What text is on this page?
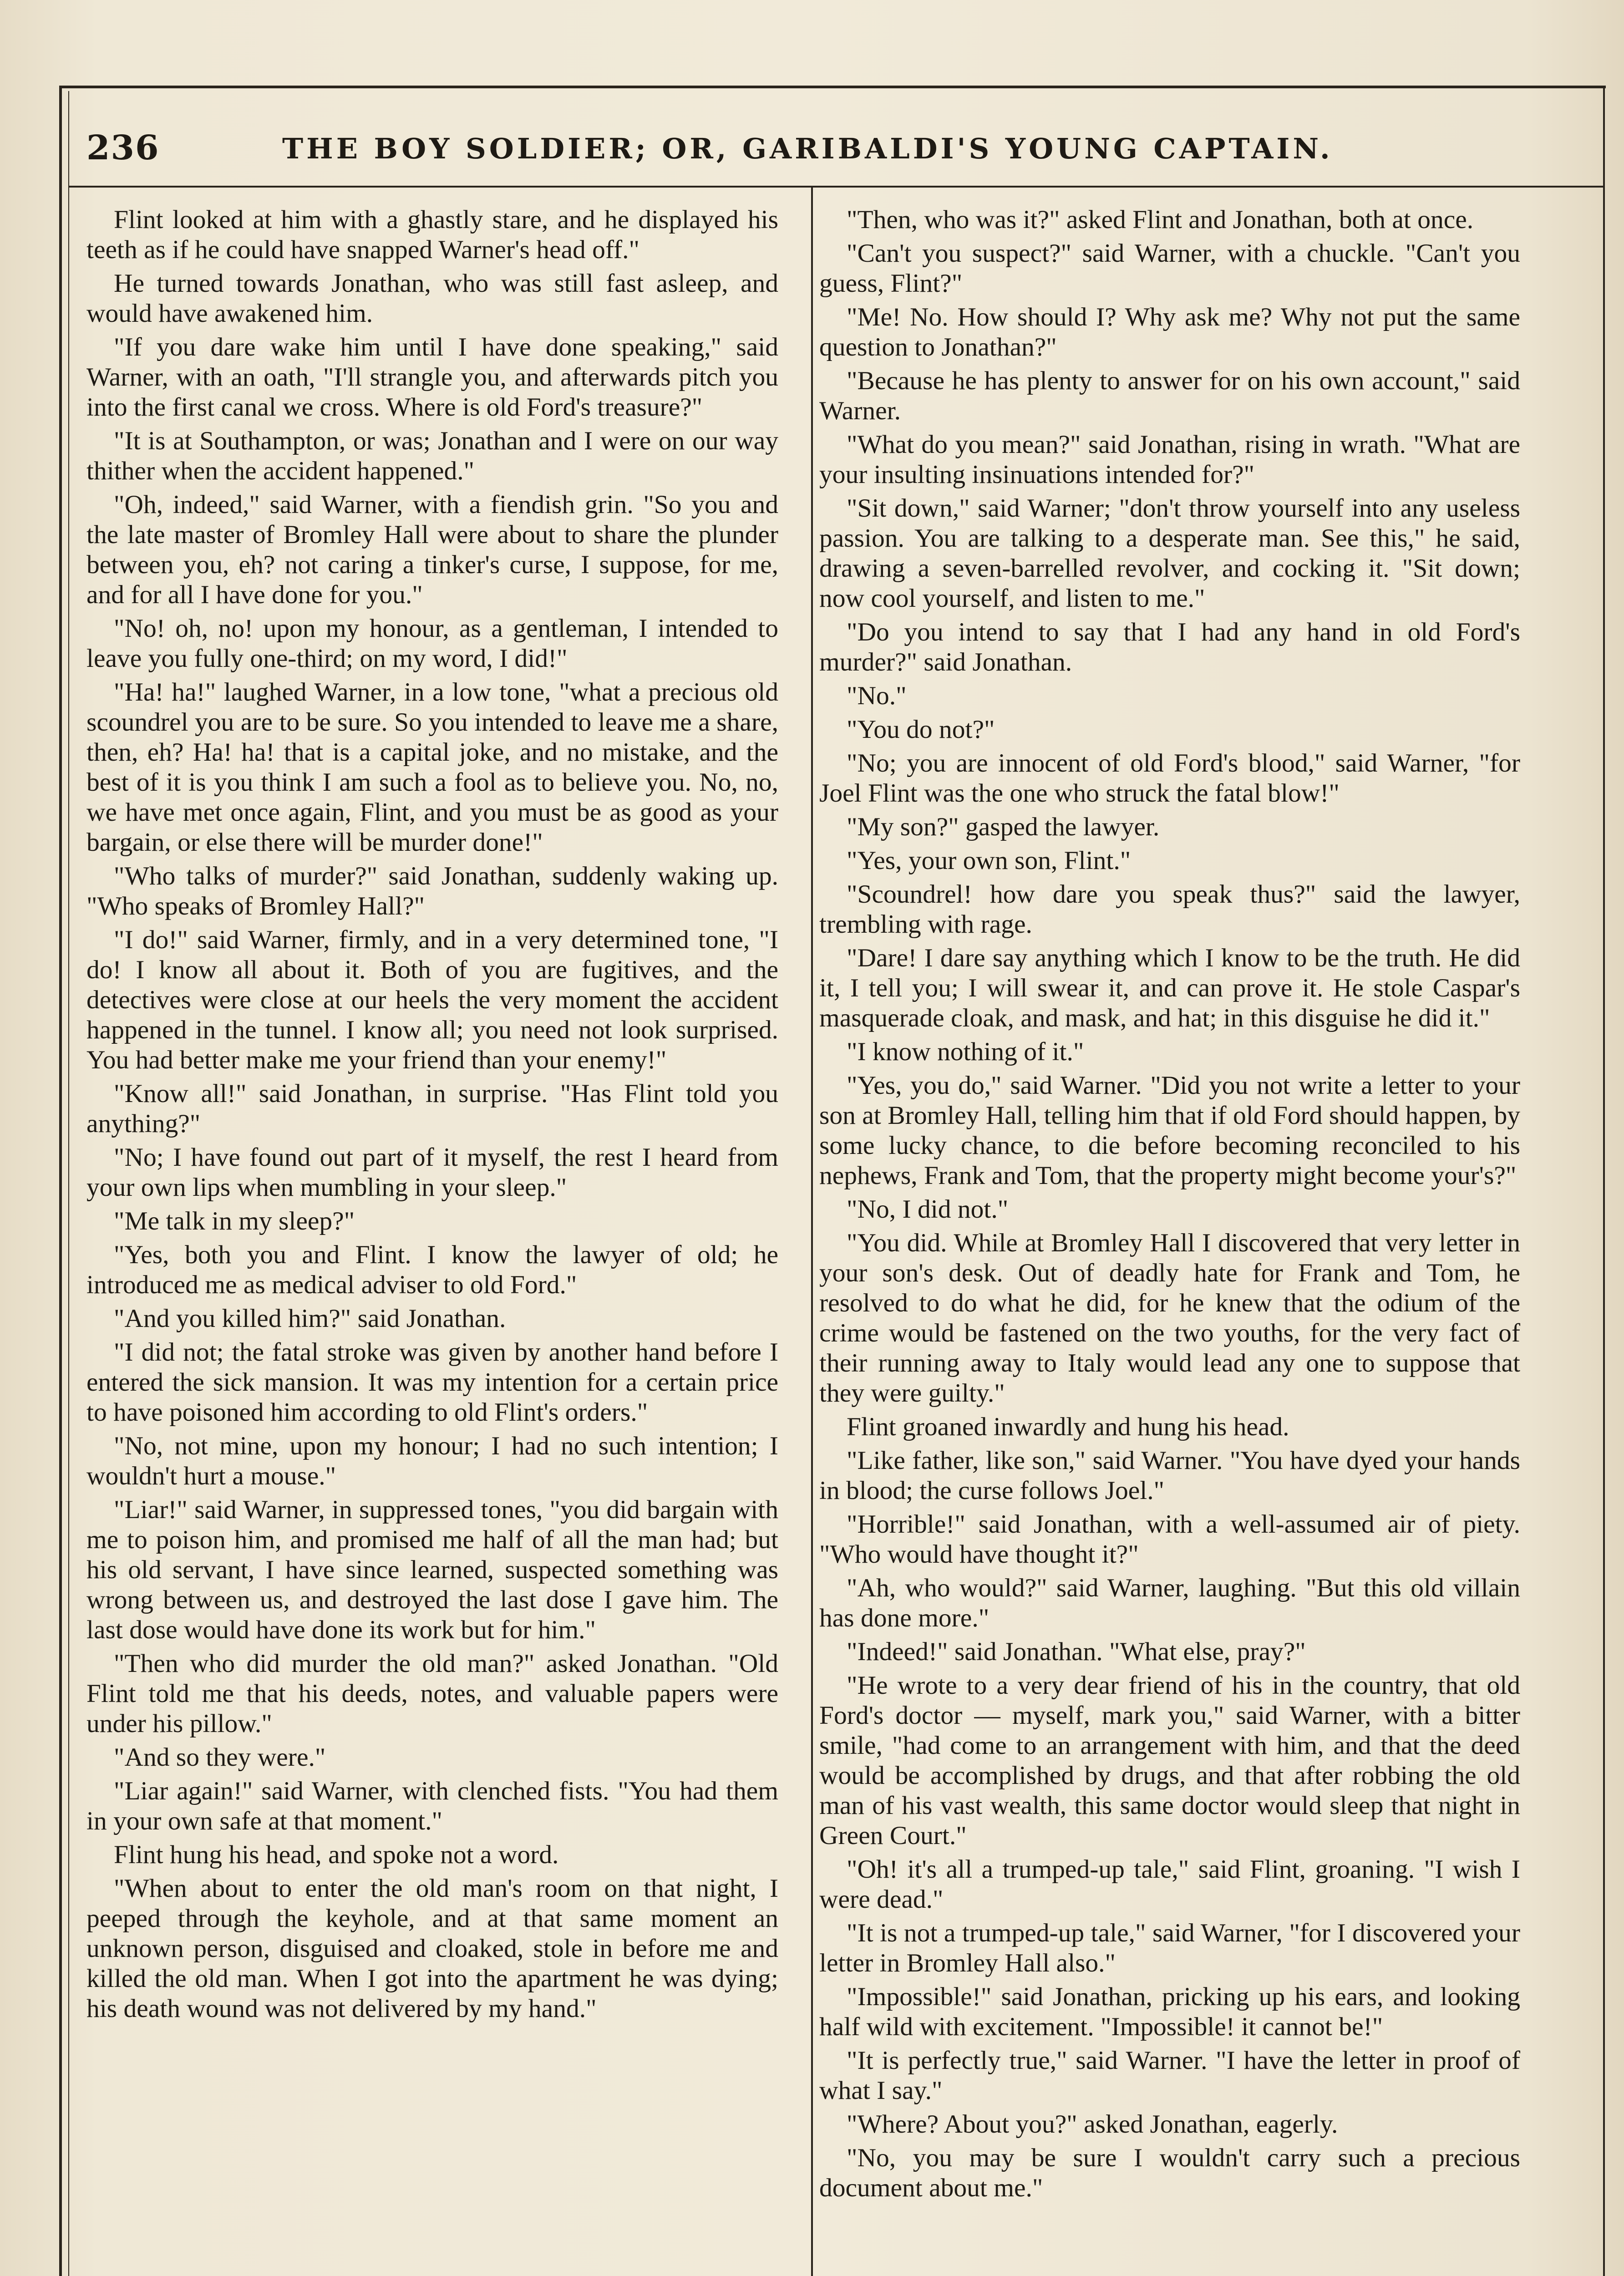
236	THE BOY SOLDIER; OR, GARIBALDI'S YOUNG CAPTAIN.

Flint looked at him with a ghastly stare, and he displayed his teeth as if he could have snapped Warner's head off."

He turned towards Jonathan, who was still fast asleep, and would have awakened him.

"If you dare wake him until I have done speaking," said Warner, with an oath, "I'll strangle you, and afterwards pitch you into the first canal we cross. Where is old Ford's treasure?"

"It is at Southampton, or was; Jonathan and I were on our way thither when the accident happened."

"Oh, indeed," said Warner, with a fiendish grin. "So you and the late master of Bromley Hall were about to share the plunder between you, eh? not caring a tinker's curse, I suppose, for me, and for all I have done for you."

"No! oh, no! upon my honour, as a gentleman, I intended to leave you fully one-third; on my word, I did!"

"Ha! ha!" laughed Warner, in a low tone, "what a precious old scoundrel you are to be sure. So you intended to leave me a share, then, eh? Ha! ha! that is a capital joke, and no mistake, and the best of it is you think I am such a fool as to believe you. No, no, we have met once again, Flint, and you must be as good as your bargain, or else there will be murder done!"

"Who talks of murder?" said Jonathan, suddenly waking up. "Who speaks of Bromley Hall?"

"I do!" said Warner, firmly, and in a very determined tone, "I do! I know all about it. Both of you are fugitives, and the detectives were close at our heels the very moment the accident happened in the tunnel. I know all; you need not look surprised. You had better make me your friend than your enemy!"

"Know all!" said Jonathan, in surprise. "Has Flint told you anything?"

"No; I have found out part of it myself, the rest I heard from your own lips when mumbling in your sleep."

"Me talk in my sleep?"

"Yes, both you and Flint. I know the lawyer of old; he introduced me as medical adviser to old Ford."

"And you killed him?" said Jonathan.

"I did not; the fatal stroke was given by another hand before I entered the sick mansion. It was my intention for a certain price to have poisoned him according to old Flint's orders."

"No, not mine, upon my honour; I had no such intention; I wouldn't hurt a mouse."

"Liar!" said Warner, in suppressed tones, "you did bargain with me to poison him, and promised me half of all the man had; but his old servant, I have since learned, suspected something was wrong between us, and destroyed the last dose I gave him. The last dose would have done its work but for him."

"Then who did murder the old man?" asked Jonathan. "Old Flint told me that his deeds, notes, and valuable papers were under his pillow."

"And so they were."

"Liar again!" said Warner, with clenched fists. "You had them in your own safe at that moment."

Flint hung his head, and spoke not a word.

"When about to enter the old man's room on that night, I peeped through the keyhole, and at that same moment an unknown person, disguised and cloaked, stole in before me and killed the old man. When I got into the apartment he was dying; his death wound was not delivered by my hand."

"Then, who was it?" asked Flint and Jonathan, both at once.

"Can't you suspect?" said Warner, with a chuckle. "Can't you guess, Flint?"

"Me! No. How should I? Why ask me? Why not put the same question to Jonathan?"

"Because he has plenty to answer for on his own account," said Warner.

"What do you mean?" said Jonathan, rising in wrath. "What are your insulting insinuations intended for?"

"Sit down," said Warner; "don't throw yourself into any useless passion. You are talking to a desperate man. See this," he said, drawing a seven-barrelled revolver, and cocking it. "Sit down; now cool yourself, and listen to me."

"Do you intend to say that I had any hand in old Ford's murder?" said Jonathan.

"No."

"You do not?"

"No; you are innocent of old Ford's blood," said Warner, "for Joel Flint was the one who struck the fatal blow!"

"My son?" gasped the lawyer.

"Yes, your own son, Flint."

"Scoundrel! how dare you speak thus?" said the lawyer, trembling with rage.

"Dare! I dare say anything which I know to be the truth. He did it, I tell you; I will swear it, and can prove it. He stole Caspar's masquerade cloak, and mask, and hat; in this disguise he did it."

"I know nothing of it."

"Yes, you do," said Warner. "Did you not write a letter to your son at Bromley Hall, telling him that if old Ford should happen, by some lucky chance, to die before becoming reconciled to his nephews, Frank and Tom, that the property might become your's?"

"No, I did not."

"You did. While at Bromley Hall I discovered that very letter in your son's desk. Out of deadly hate for Frank and Tom, he resolved to do what he did, for he knew that the odium of the crime would be fastened on the two youths, for the very fact of their running away to Italy would lead any one to suppose that they were guilty."

Flint groaned inwardly and hung his head.

"Like father, like son," said Warner. "You have dyed your hands in blood; the curse follows Joel."

"Horrible!" said Jonathan, with a well-assumed air of piety. "Who would have thought it?"

"Ah, who would?" said Warner, laughing. "But this old villain has done more."

"Indeed!" said Jonathan. "What else, pray?"

"He wrote to a very dear friend of his in the country, that old Ford's doctor — myself, mark you," said Warner, with a bitter smile, "had come to an arrangement with him, and that the deed would be accomplished by drugs, and that after robbing the old man of his vast wealth, this same doctor would sleep that night in Green Court."

"Oh! it's all a trumped-up tale," said Flint, groaning. "I wish I were dead."

"It is not a trumped-up tale," said Warner, "for I discovered your letter in Bromley Hall also."

"Impossible!" said Jonathan, pricking up his ears, and looking half wild with excitement. "Impossible! it cannot be!"

"It is perfectly true," said Warner. "I have the letter in proof of what I say."

"Where? About you?" asked Jonathan, eagerly.

"No, you may be sure I wouldn't carry such a precious document about me."
